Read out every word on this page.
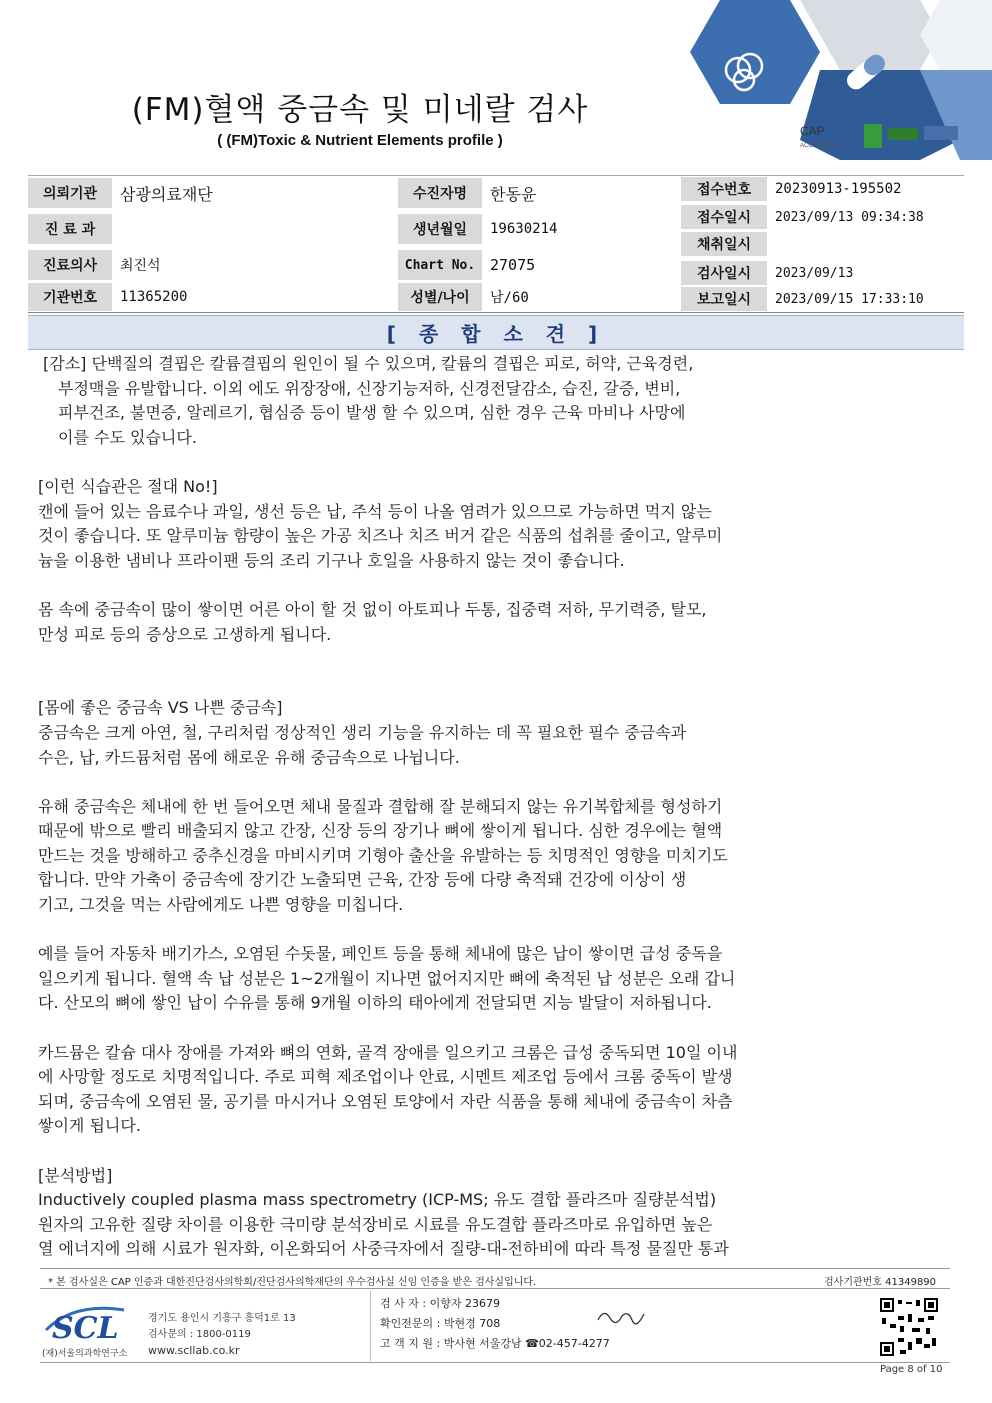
(FM)혈액 중금속 및 미네랄 검사
( (FM)Toxic & Nutrient Elements profile )
CAP
ACCREDITED
의뢰기관	삼광의료재단
진 료 과
진료의사	최진석
기관번호	11365200
수진자명	한동윤
생년월일	19630214
Chart No. 27075
성별/나이	남/60
접수번호	20230913-195502
접수일시	2023/09/13 09:34:38
채취일시
검사일시	2023/09/13
보고일시	2023/09/15 17:33:10
[ 종 합 소 견 ]

[감소] 단백질의 결핍은 칼륨결핍의 원인이 될 수 있으며, 칼륨의 결핍은 피로, 허약, 근육경련,

부정맥을 유발합니다. 이외 에도 위장장애, 신장기능저하, 신경전달감소, 습진, 갈증, 변비,

피부건조, 불면증, 알레르기, 협심증 등이 발생 할 수 있으며, 심한 경우 근육 마비나 사망에

이를 수도 있습니다.

[이런 식습관은 절대 No!]

캔에 들어 있는 음료수나 과일, 생선 등은 납, 주석 등이 나올 염려가 있으므로 가능하면 먹지 않는

것이 좋습니다. 또 알루미늄 함량이 높은 가공 치즈나 치즈 버거 같은 식품의 섭취를 줄이고, 알루미

늄을 이용한 냄비나 프라이팬 등의 조리 기구나 호일을 사용하지 않는 것이 좋습니다.

몸 속에 중금속이 많이 쌓이면 어른 아이 할 것 없이 아토피나 두통, 집중력 저하, 무기력증, 탈모,

만성 피로 등의 증상으로 고생하게 됩니다.

[몸에 좋은 중금속 VS 나쁜 중금속]

중금속은 크게 아연, 철, 구리처럼 정상적인 생리 기능을 유지하는 데 꼭 필요한 필수 중금속과

수은, 납, 카드뮴처럼 몸에 해로운 유해 중금속으로 나뉩니다.

유해 중금속은 체내에 한 번 들어오면 체내 물질과 결합해 잘 분해되지 않는 유기복합체를 형성하기

때문에 밖으로 빨리 배출되지 않고 간장, 신장 등의 장기나 뼈에 쌓이게 됩니다. 심한 경우에는 혈액

만드는 것을 방해하고 중추신경을 마비시키며 기형아 출산을 유발하는 등 치명적인 영향을 미치기도

합니다. 만약 가축이 중금속에 장기간 노출되면 근육, 간장 등에 다량 축적돼 건강에 이상이 생

기고, 그것을 먹는 사람에게도 나쁜 영향을 미칩니다.

예를 들어 자동차 배기가스, 오염된 수돗물, 페인트 등을 통해 체내에 많은 납이 쌓이면 급성 중독을

일으키게 됩니다. 혈액 속 납 성분은 1~2개월이 지나면 없어지지만 뼈에 축적된 납 성분은 오래 갑니

다. 산모의 뼈에 쌓인 납이 수유를 통해 9개월 이하의 태아에게 전달되면 지능 발달이 저하됩니다.

카드뮴은 칼슘 대사 장애를 가져와 뼈의 연화, 골격 장애를 일으키고 크롬은 급성 중독되면 10일 이내

에 사망할 정도로 치명적입니다. 주로 피혁 제조업이나 안료, 시멘트 제조업 등에서 크롬 중독이 발생

되며, 중금속에 오염된 물, 공기를 마시거나 오염된 토양에서 자란 식품을 통해 체내에 중금속이 차츰

쌓이게 됩니다.

[분석방법]

Inductively coupled plasma mass spectrometry (ICP-MS; 유도 결합 플라즈마 질량분석법)

원자의 고유한 질량 차이를 이용한 극미량 분석장비로 시료를 유도결합 플라즈마로 유입하면 높은

열 에너지에 의해 시료가 원자화, 이온화되어 사중극자에서 질량-대-전하비에 따라 특정 물질만 통과

* 본 검사실은 CAP 인증과 대한진단검사의학회/진단검사의학재단의 우수검사실 신임 인증을 받은 검사실입니다.	검사기관번호 41349890
SCL
(재)서울의과학연구소
경기도 용인시 기흥구 흥덕1로 13
검사문의 : 1800-0119
www.scllab.co.kr
검 사 자 : 이향자 23679
확인전문의 : 박현경 708
고 객 지 원 : 박사현 서울강남 ☎02-457-4277
Page 8 of 10
